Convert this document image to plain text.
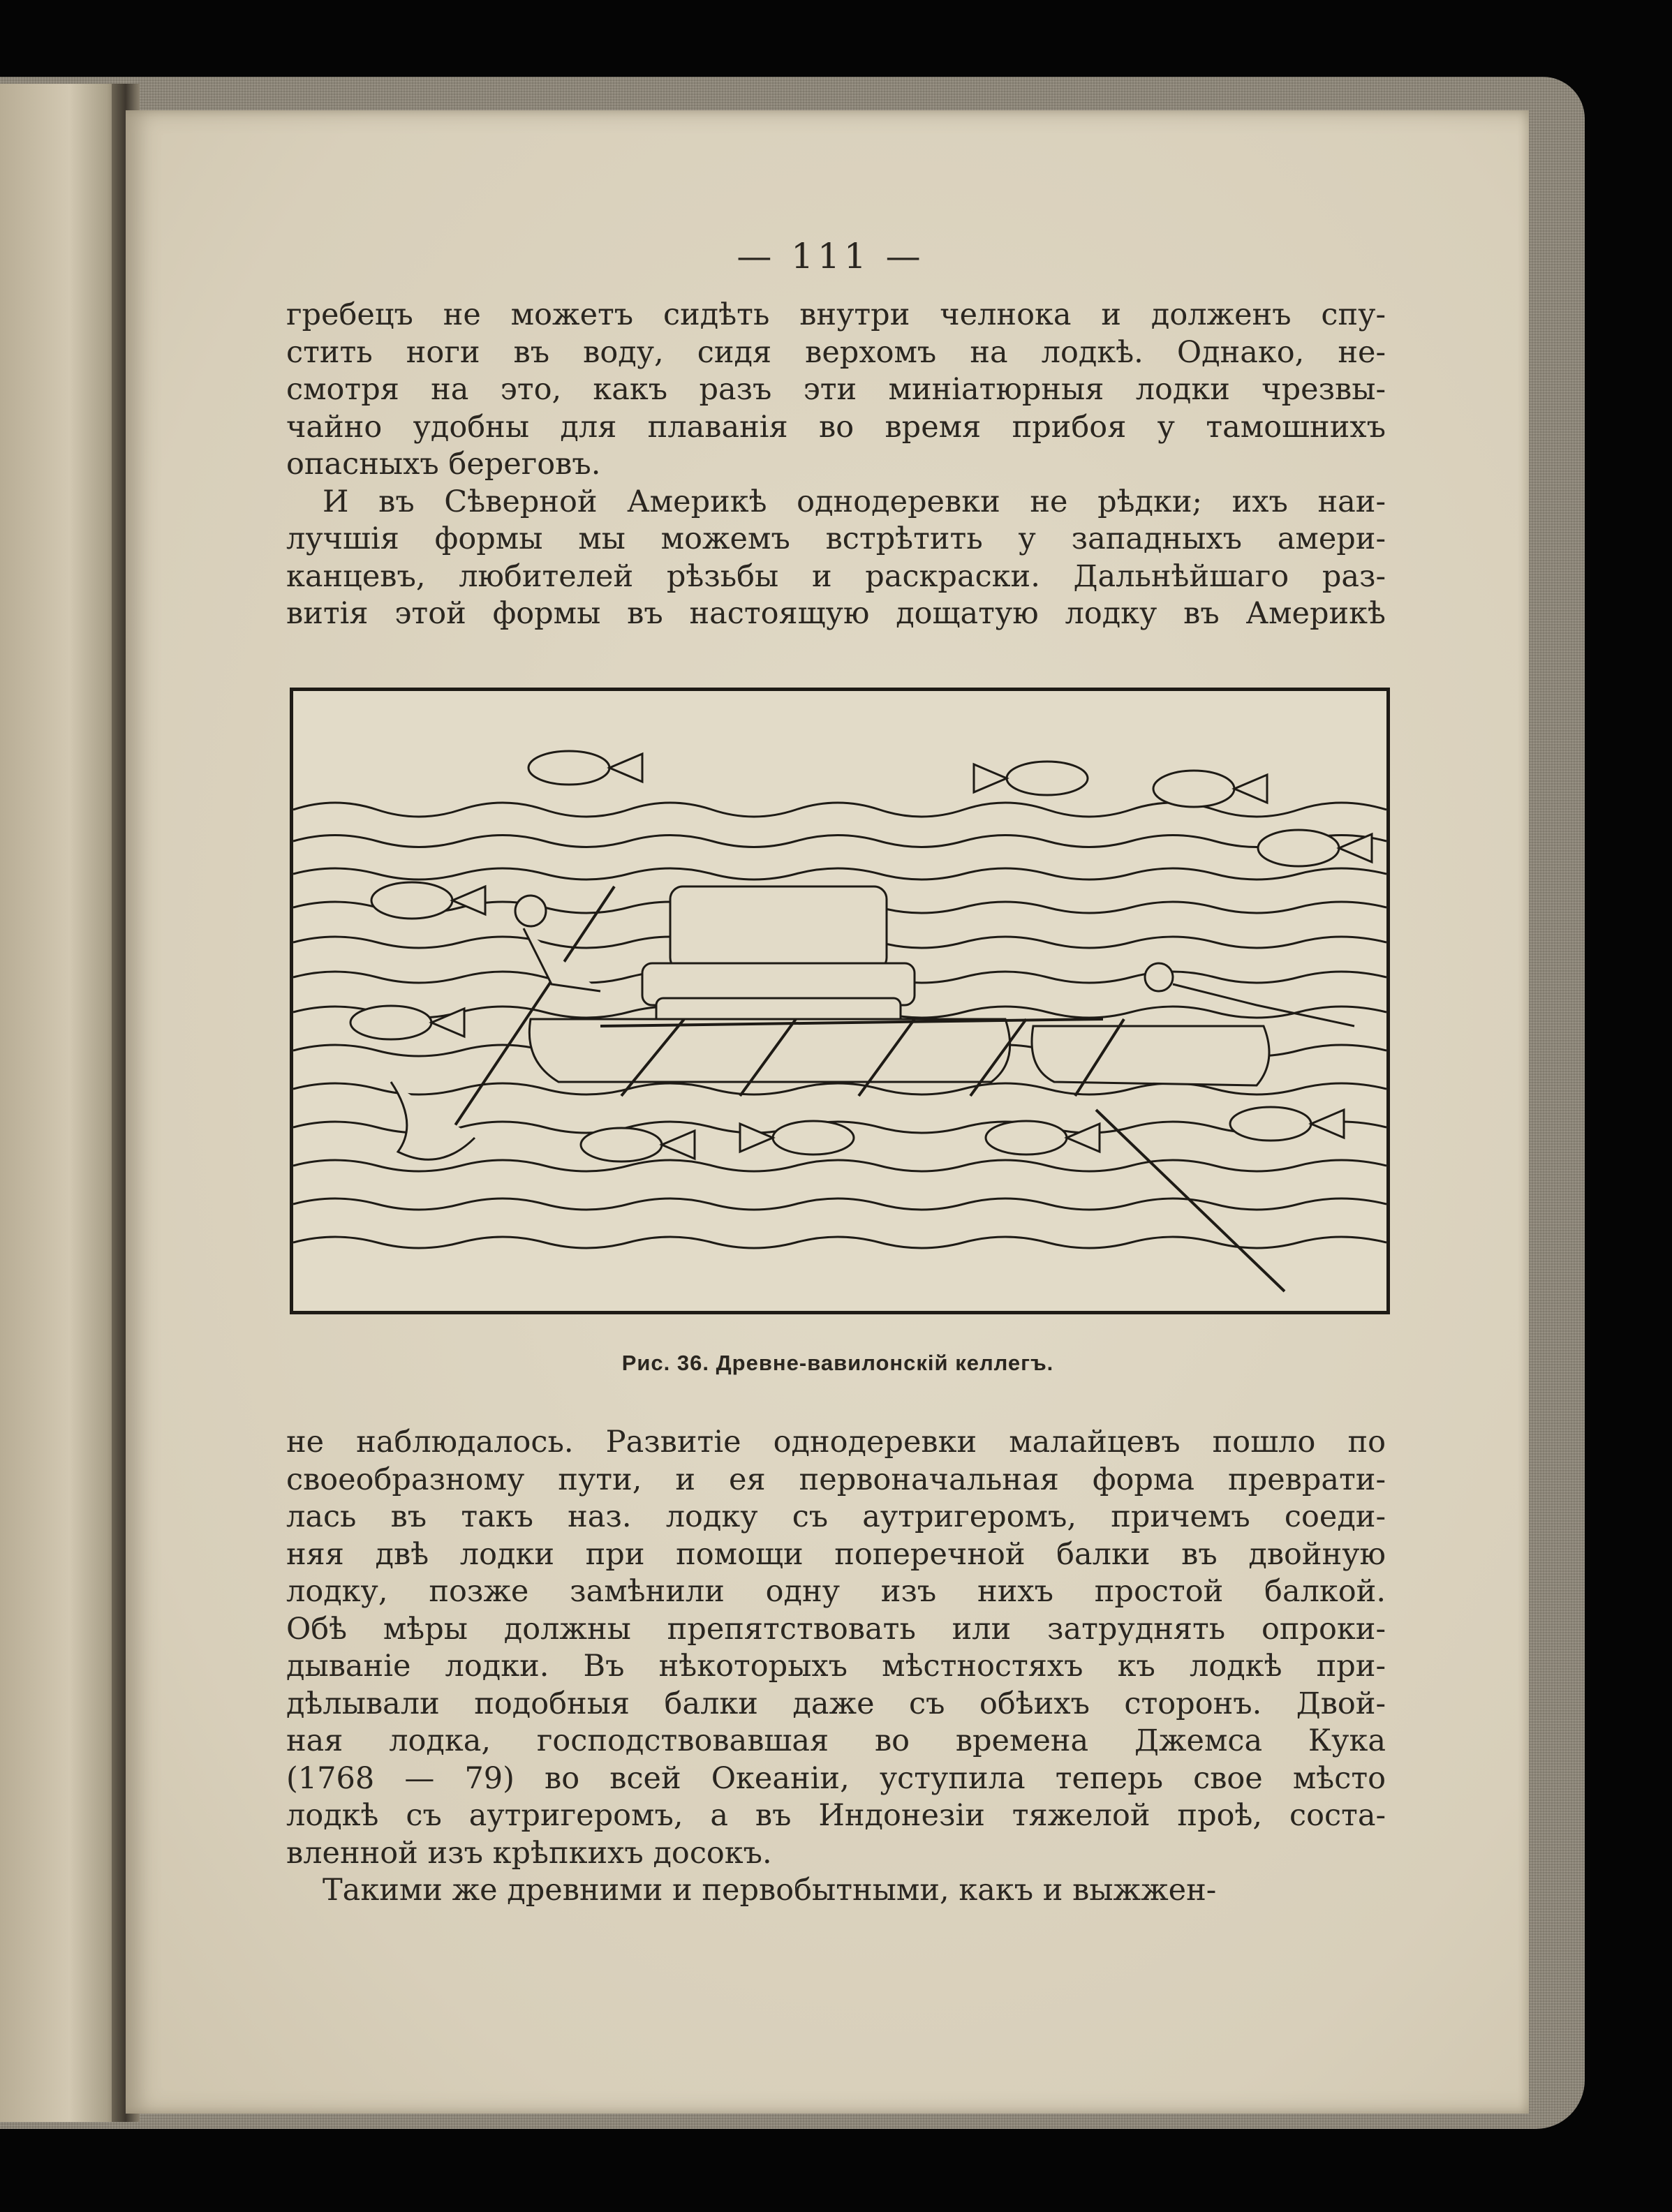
— 111 —
гребецъ не можетъ сидѣть внутри челнока и долженъ спу-
стить ноги въ воду, сидя верхомъ на лодкѣ. Однако, не-
смотря на это, какъ разъ эти миніатюрныя лодки чрезвы-
чайно удобны для плаванія во время прибоя у тамошнихъ
опасныхъ береговъ.
И въ Сѣверной Америкѣ однодеревки не рѣдки; ихъ наи-
лучшія формы мы можемъ встрѣтить у западныхъ амери-
канцевъ, любителей рѣзьбы и раскраски. Дальнѣйшаго раз-
витія этой формы въ настоящую дощатую лодку въ Америкѣ
Рис. 36. Древне-вавилонскій келлегъ.
не наблюдалось. Развитіе однодеревки малайцевъ пошло по
своеобразному пути, и ея первоначальная форма преврати-
лась въ такъ наз. лодку съ аутригеромъ, причемъ соеди-
няя двѣ лодки при помощи поперечной балки въ двойную
лодку, позже замѣнили одну изъ нихъ простой балкой.
Обѣ мѣры должны препятствовать или затруднять опроки-
дываніе лодки. Въ нѣкоторыхъ мѣстностяхъ къ лодкѣ при-
дѣлывали подобныя балки даже съ обѣихъ сторонъ. Двой-
ная лодка, господствовавшая во времена Джемса Кука
(1768 — 79) во всей Океаніи, уступила теперь свое мѣсто
лодкѣ съ аутригеромъ, а въ Индонезіи тяжелой проѣ, соста-
вленной изъ крѣпкихъ досокъ.
Такими же древними и первобытными, какъ и выжжен-
